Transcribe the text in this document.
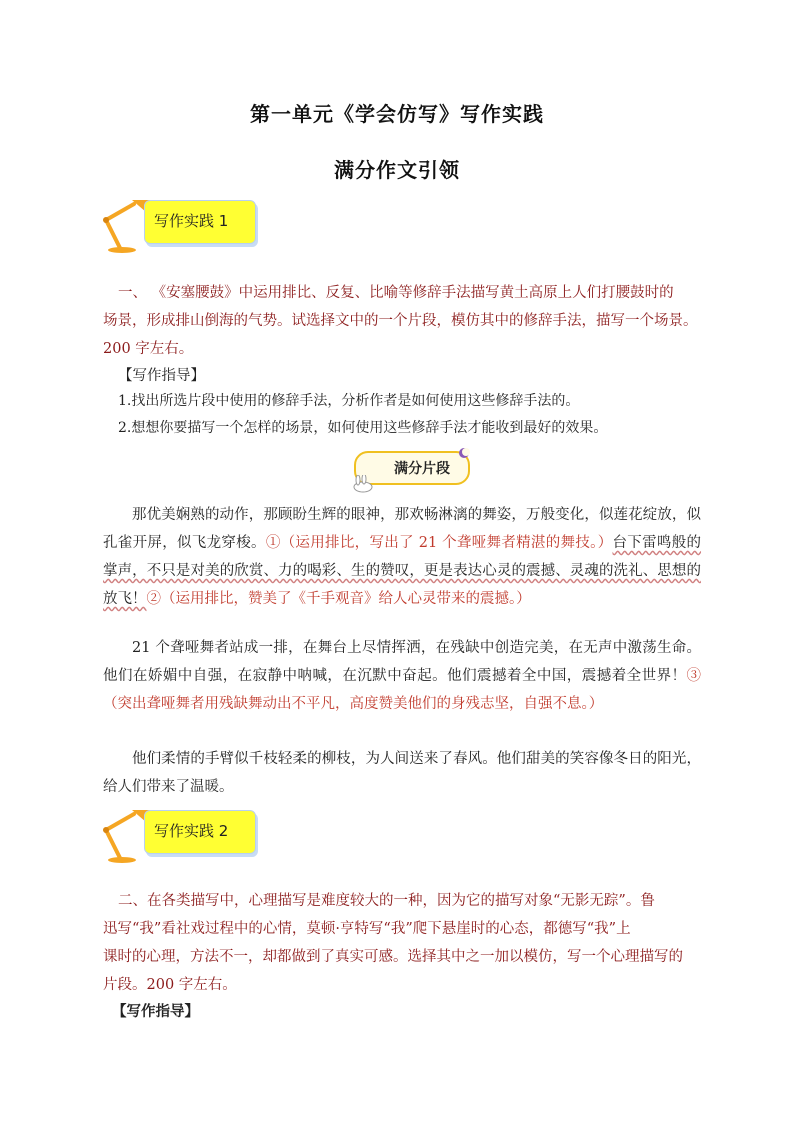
第一单元《学会仿写》写作实践
满分作文引领
写作实践 1
一、 《安塞腰鼓》中运用排比、反复、比喻等修辞手法描写黄土高原上人们打腰鼓时的
场景，形成排山倒海的气势。试选择文中的一个片段，模仿其中的修辞手法，描写一个场景。
200 字左右。
【写作指导】
1.找出所选片段中使用的修辞手法，分析作者是如何使用这些修辞手法的。
2.想想你要描写一个怎样的场景，如何使用这些修辞手法才能收到最好的效果。
满分片段
那优美娴熟的动作，那顾盼生辉的眼神，那欢畅淋漓的舞姿，万般变化，似莲花绽放，似孔雀开屏，似飞龙穿梭。①（运用排比，写出了 21 个聋哑舞者精湛的舞技。）台下雷鸣般的掌声，不只是对美的欣赏、力的喝彩、生的赞叹，更是表达心灵的震撼、灵魂的洗礼、思想的放飞！②（运用排比，赞美了《千手观音》给人心灵带来的震撼。）
21 个聋哑舞者站成一排，在舞台上尽情挥洒，在残缺中创造完美，在无声中激荡生命。他们在娇媚中自强，在寂静中呐喊，在沉默中奋起。他们震撼着全中国，震撼着全世界！③（突出聋哑舞者用残缺舞动出不平凡，高度赞美他们的身残志坚，自强不息。）
他们柔情的手臂似千枝轻柔的柳枝，为人间送来了春风。他们甜美的笑容像冬日的阳光，给人们带来了温暖。
写作实践 2
二、在各类描写中，心理描写是难度较大的一种，因为它的描写对象“无影无踪”。鲁
迅写“我”看社戏过程中的心情，莫顿·亨特写“我”爬下悬崖时的心态，都德写“我”上
课时的心理，方法不一，却都做到了真实可感。选择其中之一加以模仿，写一个心理描写的
片段。200 字左右。
【写作指导】
